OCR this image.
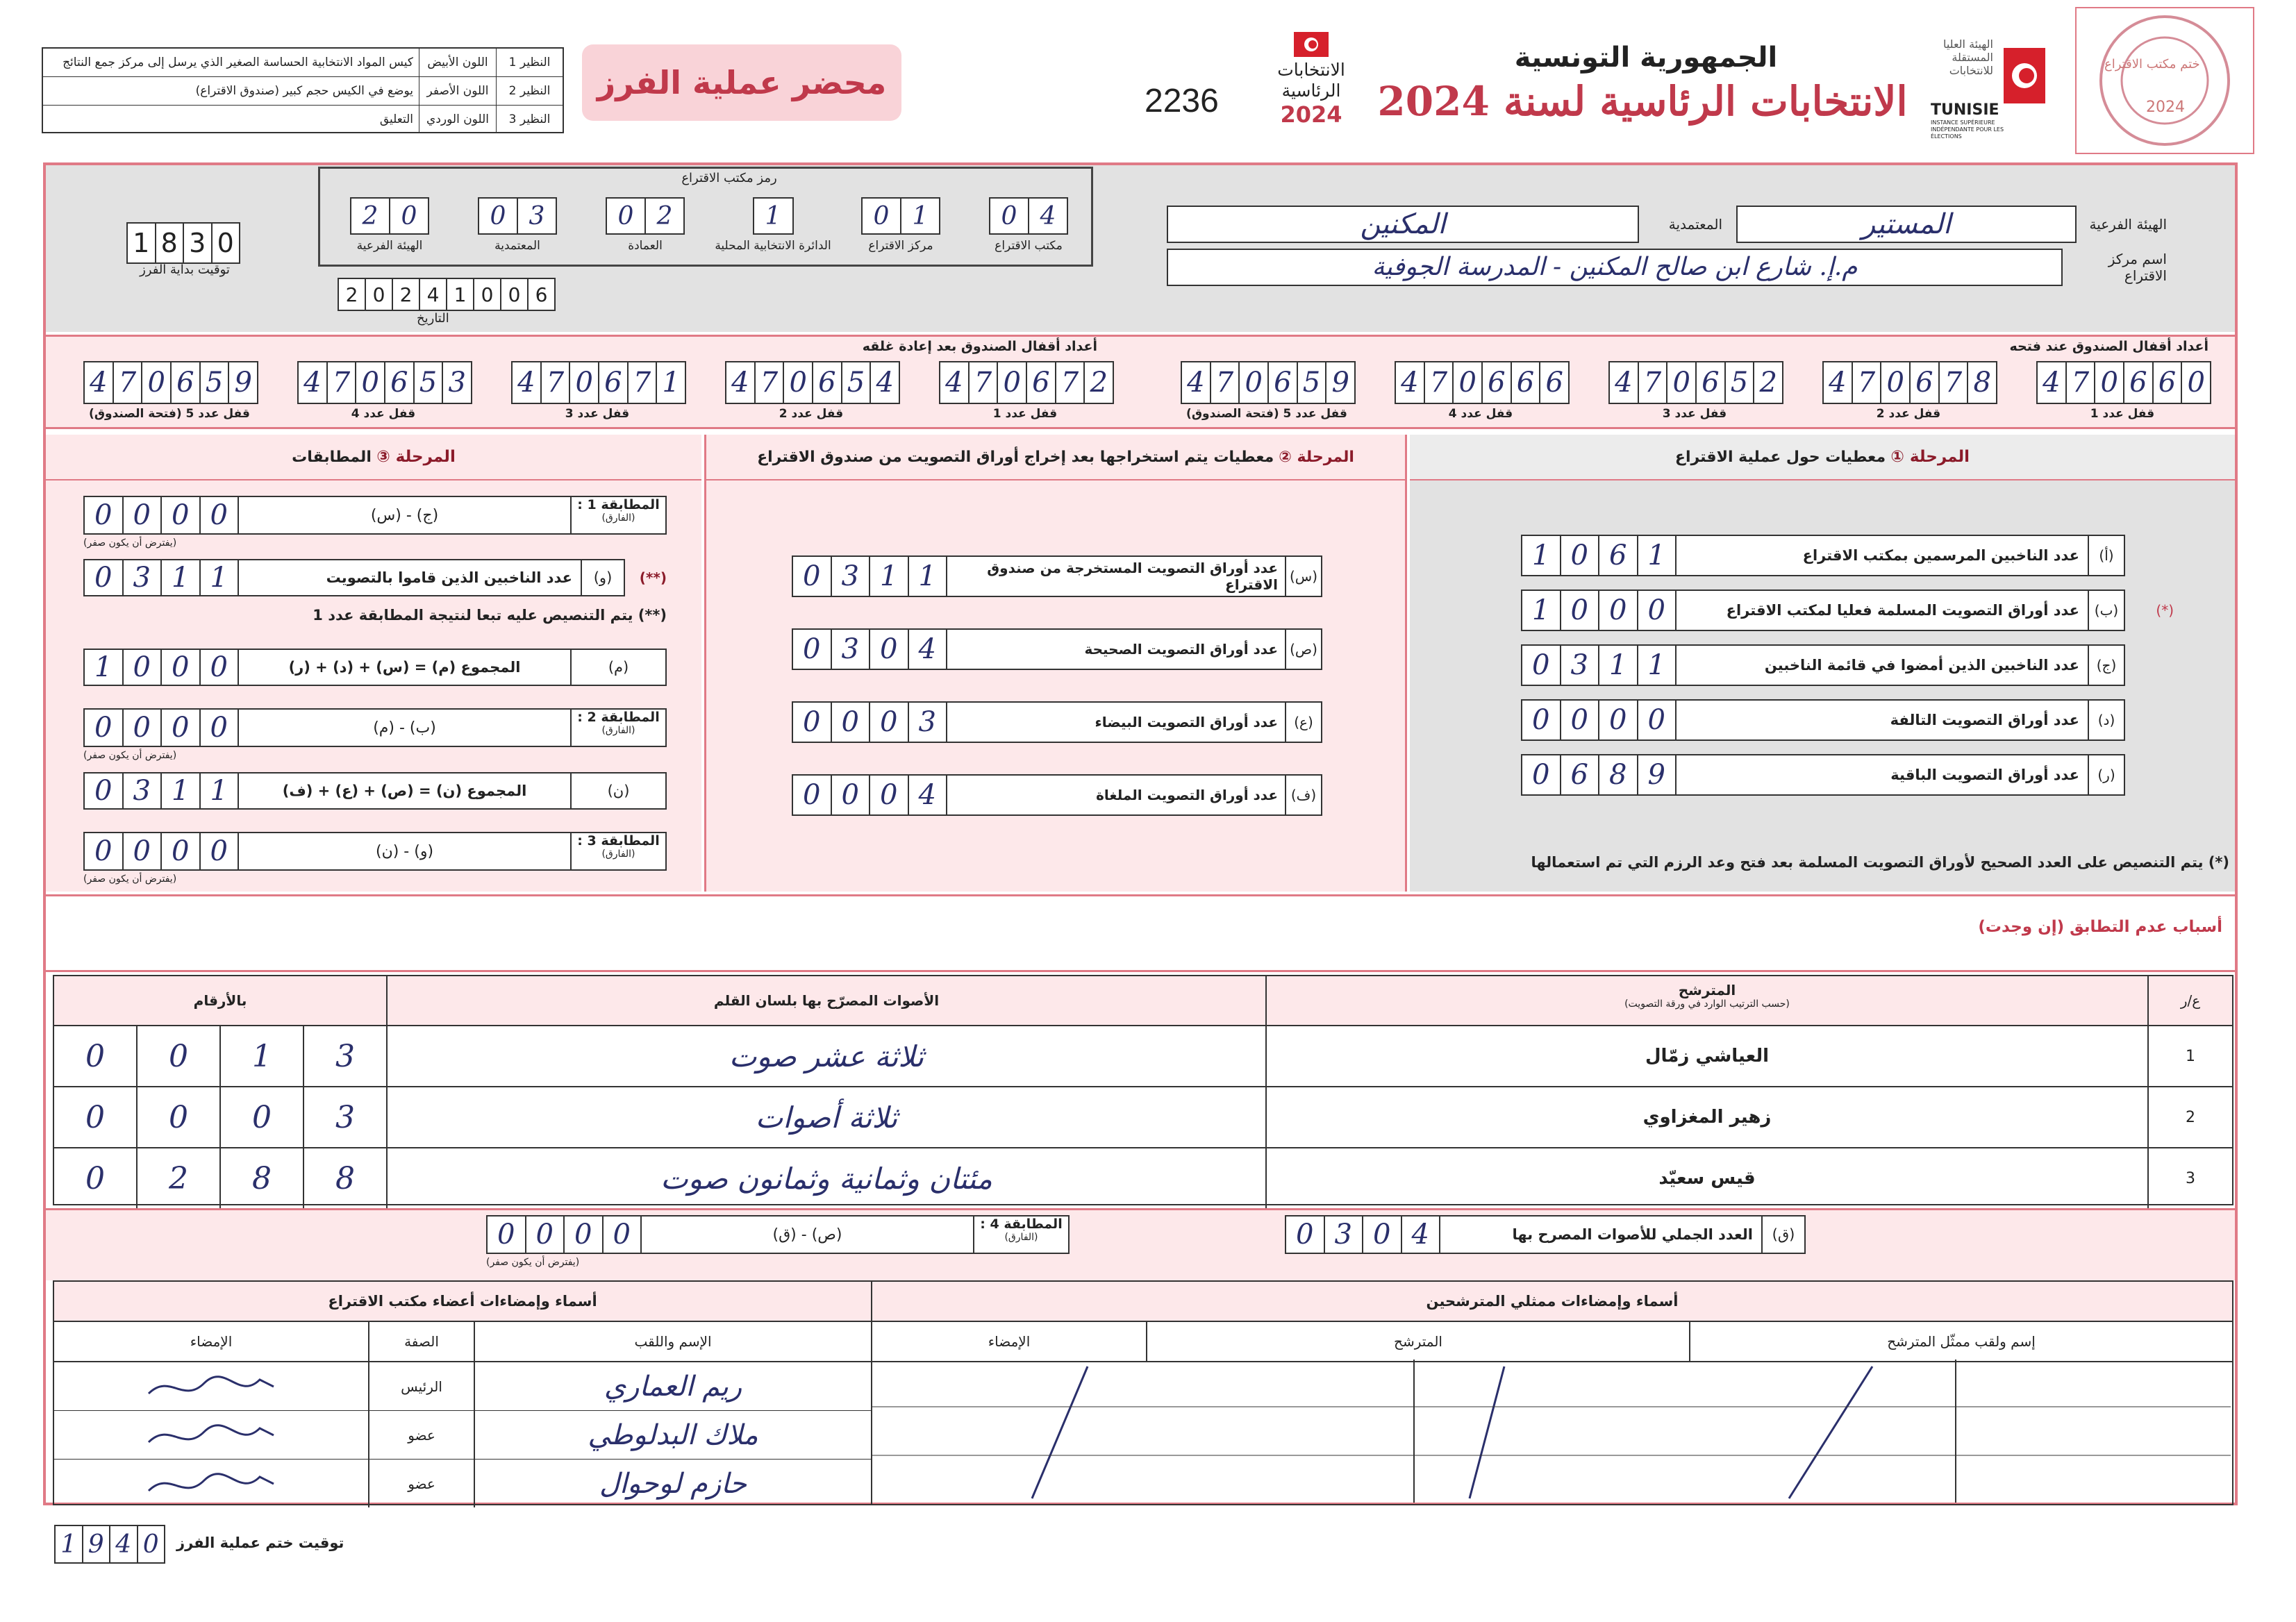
النظير 1
اللون الأبيض
كيس المواد الانتخابية الحساسة الصغير الذي يرسل إلى مركز جمع النتائج
النظير 2
اللون الأصفر
يوضع في الكيس حجم كبير (صندوق الاقتراع)
النظير 3
اللون الوردي
التعليق
محضر عملية الفرز	2236
الانتخابات الرئاسية
2024
الجمهورية التونسية
الانتخابات الرئاسية لسنة 2024
الهيئة العليا المستقلة للانتخابات
TUNISIE
INSTANCE SUPÉRIEURE INDÉPENDANTE POUR LES ÉLECTIONS
ختم مكتب الاقتراع
2024
1 8 3 0
توقيت بداية الفرز
رمز مكتب الاقتراع
0 4
مكتب الاقتراع
0 1
مركز الاقتراع
1
الدائرة الانتخابية المحلية
0 2
العمادة
0 3
المعتمدية
2 0
الهيئة الفرعية
2 0 2 4 1 0 0 6
التاريخ
الهيئة الفرعية
المستير
المعتمدية
المكنين
اسم مركز الاقتراع
م.إ. شارع ابن صالح المكنين - المدرسة الجوفية
أعداد أقفال الصندوق عند فتحه
أعداد أقفال الصندوق بعد إعادة غلقه
4 7 0 6 6 0
قفل عدد 1
4 7 0 6 7 8
قفل عدد 2
4 7 0 6 5 2
قفل عدد 3
4 7 0 6 6 6
قفل عدد 4
4 7 0 6 5 9
قفل عدد 5 (فتحة الصندوق)
4 7 0 6 7 2
قفل عدد 1
4 7 0 6 5 4
قفل عدد 2
4 7 0 6 7 1
قفل عدد 3
4 7 0 6 5 3
قفل عدد 4
4 7 0 6 5 9
قفل عدد 5 (فتحة الصندوق)
المرحلة ①

معطيات حول عملية الاقتراع
(أ)
عدد الناخبين المرسمين بمكتب الاقتراع
1 0 6 1
(*)
(ب)
عدد أوراق التصويت المسلمة فعليا لمكتب الاقتراع
1 0 0 0
(ج)
عدد الناخبين الذين أمضوا في قائمة الناخبين
0 3 1 1
(د)
عدد أوراق التصويت التالفة
0 0 0 0
(ر)
عدد أوراق التصويت الباقية
0 6 8 9
(*) يتم التنصيص على العدد الصحيح لأوراق التصويت المسلمة بعد فتح وعد الرزم التي تم استعمالها
المرحلة ②

معطيات يتم استخراجها بعد إخراج أوراق التصويت من صندوق الاقتراع
(س)
عدد أوراق التصويت المستخرجة من صندوق الاقتراع
0 3 1 1
(ص)
عدد أوراق التصويت الصحيحة
0 3 0 4
(ع)
عدد أوراق التصويت البيضاء
0 0 0 3
(ف)
عدد أوراق التصويت الملغاة
0 0 0 4
المرحلة ③

المطابقات
المطابقة 1 :
(الفارق)
(ج) - (س)
0 0 0 0
(يفترض أن يكون صفر)
(**)
(و)
عدد الناخبين الذين قاموا بالتصويت
0 3 1 1
(**) يتم التنصيص عليه تبعا لنتيجة المطابقة عدد 1
(م)
المجموع (م) = (س) + (د) + (ر)
1 0 0 0
المطابقة 2 :
(الفارق)
(ب) - (م)
0 0 0 0
(يفترض أن يكون صفر)
(ن)
المجموع (ن) = (ص) + (ع) + (ف)
0 3 1 1
المطابقة 3 :
(الفارق)
(و) - (ن)
0 0 0 0
(يفترض أن يكون صفر)
أسباب عدم التطابق (إن وجدت)
ع/ر
المترشح
(حسب الترتيب الوارد في ورقة التصويت)
الأصوات المصرّح بها بلسان القلم
بالأرقام
1
العياشي زمّال
ثلاثة عشر صوت
0	0	1	3
2
زهير المغزاوي
ثلاثة أصوات
0	0	0	3
3
قيس سعيّد
مئتان وثمانية وثمانون صوت
0	2	8	8
(ق)
العدد الجملي للأصوات المصرح بها
0 3 0 4
المطابقة 4 :
(الفارق)
(ص) - (ق)
0 0 0 0
(يفترض أن يكون صفر)
أسماء وإمضاءات ممثلي المترشحين
إسم ولقب ممثّل المترشح
المترشح
الإمضاء
أسماء وإمضاءات أعضاء مكتب الاقتراع
الإسم واللقب
الصفة
الإمضاء
ريم العماري
الرئيس
ملاك البدلوطي
عضو
حازم لوحوال
عضو
1 9 4 0	توقيت ختم عملية الفرز
